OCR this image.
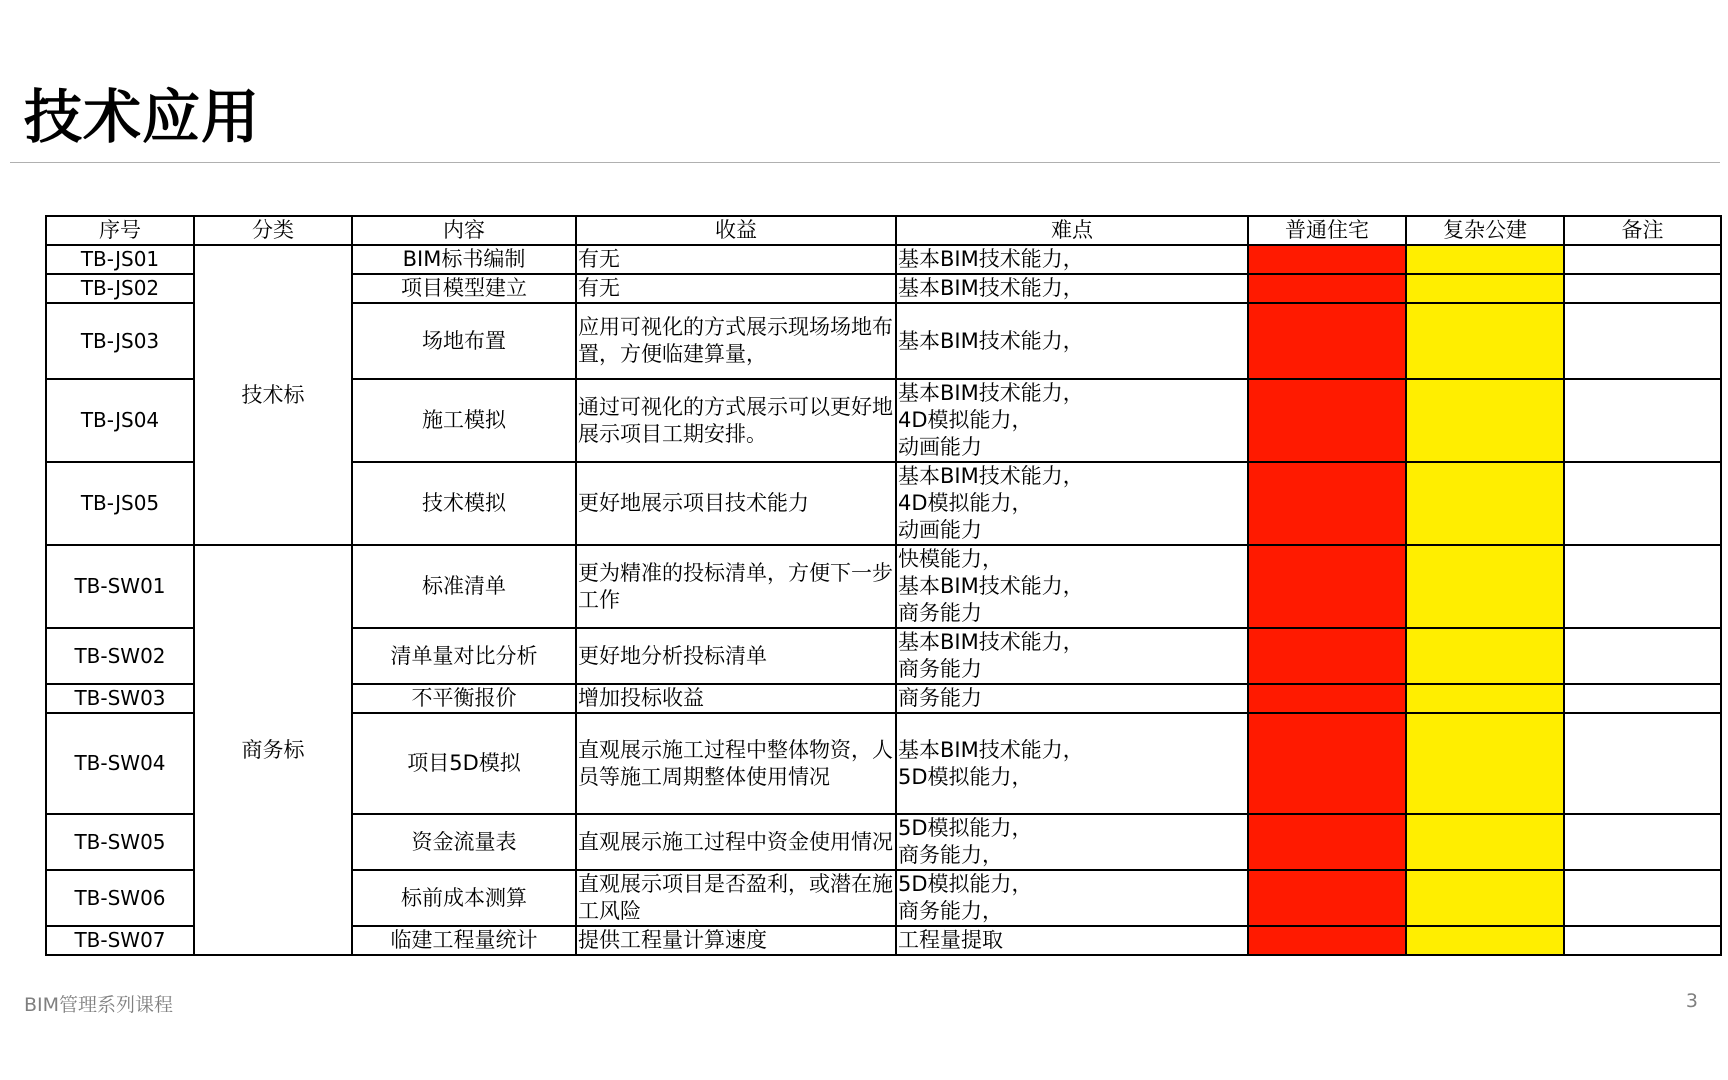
技术应用
序号	分类	内容	收益	难点	普通住宅	复杂公建	备注
TB-JS01	技术标	BIM标书编制	有无	基本BIM技术能力，			
TB-JS02		项目模型建立	有无	基本BIM技术能力，			
TB-JS03		场地布置	应用可视化的方式展示现场场地布置，方便临建算量，	基本BIM技术能力，			
TB-JS04		施工模拟	通过可视化的方式展示可以更好地展示项目工期安排。	基本BIM技术能力，
4D模拟能力，
动画能力			
TB-JS05		技术模拟	更好地展示项目技术能力	基本BIM技术能力，
4D模拟能力，
动画能力			
TB-SW01	商务标	标准清单	更为精准的投标清单，方便下一步工作	快模能力，
基本BIM技术能力，
商务能力			
TB-SW02		清单量对比分析	更好地分析投标清单	基本BIM技术能力，
商务能力			
TB-SW03		不平衡报价	增加投标收益	商务能力			
TB-SW04		项目5D模拟	直观展示施工过程中整体物资，人员等施工周期整体使用情况	基本BIM技术能力，
5D模拟能力，			
TB-SW05		资金流量表	直观展示施工过程中资金使用情况	5D模拟能力，
商务能力，			
TB-SW06		标前成本测算	直观展示项目是否盈利，或潜在施工风险	5D模拟能力，
商务能力，			
TB-SW07		临建工程量统计	提供工程量计算速度	工程量提取			
BIM管理系列课程	3
